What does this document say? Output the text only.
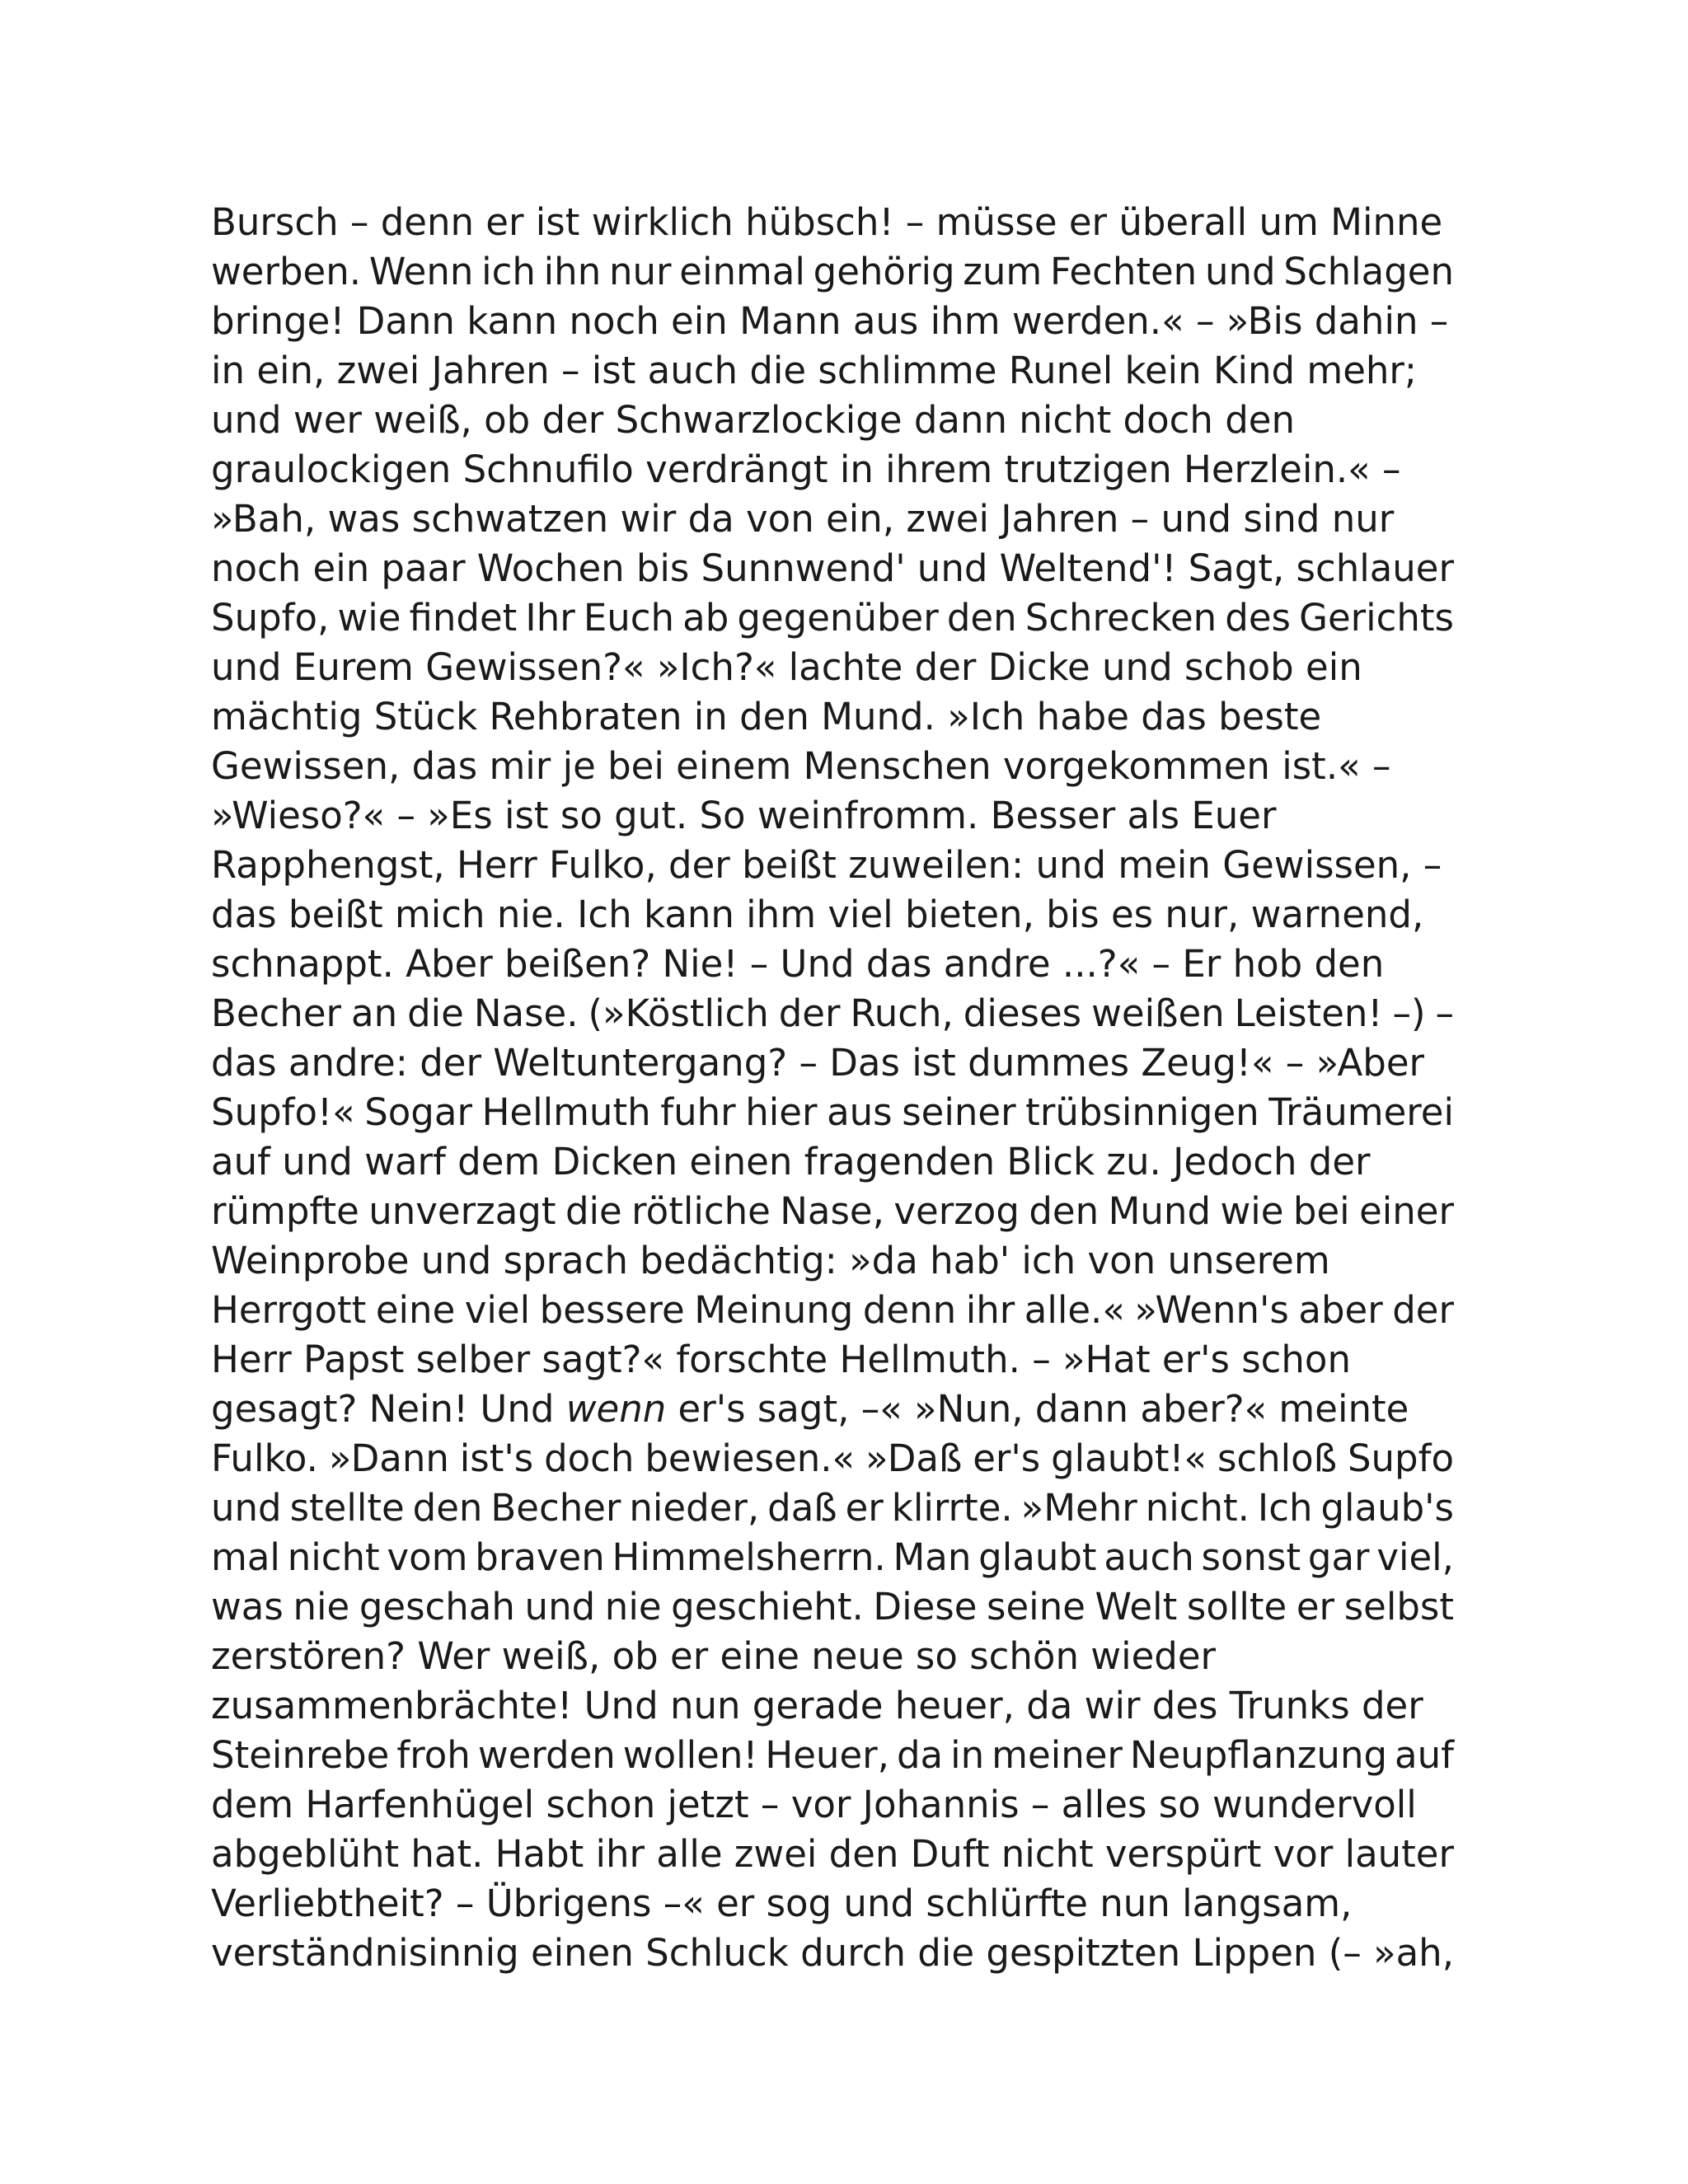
Bursch – denn er ist wirklich hübsch! – müsse er überall um Minne
werben. Wenn ich ihn nur einmal gehörig zum Fechten und Schlagen
bringe! Dann kann noch ein Mann aus ihm werden.« – »Bis dahin –
in ein, zwei Jahren – ist auch die schlimme Runel kein Kind mehr;
und wer weiß, ob der Schwarzlockige dann nicht doch den
graulockigen Schnufilo verdrängt in ihrem trutzigen Herzlein.« –
»Bah, was schwatzen wir da von ein, zwei Jahren – und sind nur
noch ein paar Wochen bis Sunnwend' und Weltend'! Sagt, schlauer
Supfo, wie findet Ihr Euch ab gegenüber den Schrecken des Gerichts
und Eurem Gewissen?« »Ich?« lachte der Dicke und schob ein
mächtig Stück Rehbraten in den Mund. »Ich habe das beste
Gewissen, das mir je bei einem Menschen vorgekommen ist.« –
»Wieso?« – »Es ist so gut. So weinfromm. Besser als Euer
Rapphengst, Herr Fulko, der beißt zuweilen: und mein Gewissen, –
das beißt mich nie. Ich kann ihm viel bieten, bis es nur, warnend,
schnappt. Aber beißen? Nie! – Und das andre ...?« – Er hob den
Becher an die Nase. (»Köstlich der Ruch, dieses weißen Leisten! –) –
das andre: der Weltuntergang? – Das ist dummes Zeug!« – »Aber
Supfo!« Sogar Hellmuth fuhr hier aus seiner trübsinnigen Träumerei
auf und warf dem Dicken einen fragenden Blick zu. Jedoch der
rümpfte unverzagt die rötliche Nase, verzog den Mund wie bei einer
Weinprobe und sprach bedächtig: »da hab' ich von unserem
Herrgott eine viel bessere Meinung denn ihr alle.« »Wenn's aber der
Herr Papst selber sagt?« forschte Hellmuth. – »Hat er's schon
gesagt? Nein! Und wenn er's sagt, –« »Nun, dann aber?« meinte
Fulko. »Dann ist's doch bewiesen.« »Daß er's glaubt!« schloß Supfo
und stellte den Becher nieder, daß er klirrte. »Mehr nicht. Ich glaub's
mal nicht vom braven Himmelsherrn. Man glaubt auch sonst gar viel,
was nie geschah und nie geschieht. Diese seine Welt sollte er selbst
zerstören? Wer weiß, ob er eine neue so schön wieder
zusammenbrächte! Und nun gerade heuer, da wir des Trunks der
Steinrebe froh werden wollen! Heuer, da in meiner Neupflanzung auf
dem Harfenhügel schon jetzt – vor Johannis – alles so wundervoll
abgeblüht hat. Habt ihr alle zwei den Duft nicht verspürt vor lauter
Verliebtheit? – Übrigens –« er sog und schlürfte nun langsam,
verständnisinnig einen Schluck durch die gespitzten Lippen (– »ah,
